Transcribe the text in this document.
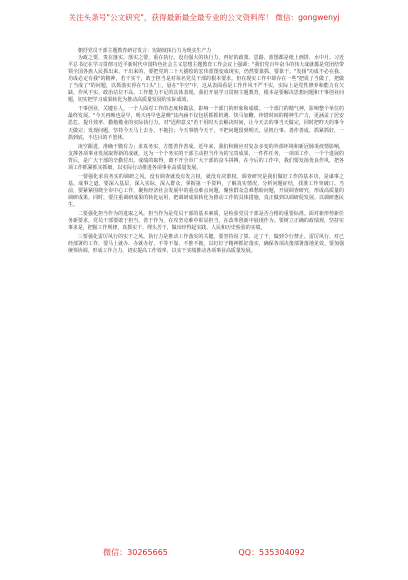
关注头条号"公文研究"，获得最新最全最专业的公文资料库！ 微信：gongwenyj

朝抒党员干部主题教育研讨发言：宪制度执行力为现实生产力

为政之要，贵在落实。落实之要，重在执行。没有强大的执行力，再好的政策、思路、蓝图都是纸上画饼、水中月。习近平总书记在学习贯彻习近平新时代中国特色社会主义思想主题教育工作会议上强调："我们党百年奋斗的伟大成就都是党团结带领全国各族人民抓出来、干出来的，要把党的二十大描绘的宏伟蓝图变成现实，仍然要靠抓、要靠干。"发扬"功成不必在我、功成必定有我"的精神，若干实干，敢于担当是对每名党员干部的根本要求。但在现实工作中却存在一些"把说了当做了，把做了当成了"的问题，以抓落实停在"口头"上，悬在"半空"中，这从表面看是工作作风不严不实，实际上是党性修养和能力有欠缺、作风不实、政治站位不高、工作能力不足的具体表现。我们开展学习贯彻主题教育，根本是要解决思想问题和干事创业问题，切实把学习成果转化为推动高质量发展的实际成效。

干事创业，关键在人，一个人面对工作的态度和做法，影响一个部门的形象和成绩。一个部门的精气神，影响整个单位的最终发展。"今天再晚也是早，明天再早也是晚"其内涵不仅包括抓抓机遇、快马加鞭，珍惜时间的精神生产力，更涵盖了居安思危、提升效率，勤勉敬业的实际执行力。对"迟伸意义"若干用时天去解决时间，让今天去的事当天做完，同时把昨天的事今天做完；发现问题，坚持今天马上去办，不拖拉；今天事情今天干，不把问题留到明天，见机行事、善作善成，抓紧抓好，一抓到底，不达目的不罢休。

凌空跟进，准确干脆有力；求真务实，方能善作善成。近年来，我们积极应对复杂多变的外部环境和新冠肺炎疫情影响，支撑各项事业发展取得新的成就，这为一个个务实的干部主动担当作为的宝贵成果，一件件任务，一项项工作，一个个进展的背后，是广大干部的辛勤付出。成绩的取得，离不开全市广大干部的奋斗拼搏，在今后的工作中，我们要发扬优良作风，把各项工作抓紧抓实抓细，以实际行动推进各项事业高质量发展。

一要强化求真务实的调研之风。没有调查就没有发言权，就没有决策权。调查研究是我们做好工作的基本功，是谋事之基、成事之道。要深入基层，深入实际，深入群众，掌握第一手资料，了解真实情况，分析问题症结，找准工作突破口。当前，要紧紧围绕全市中心工作，聚焦经济社会发展中的重点难点问题，聚焦群众急难愁盼问题，开展调查研究，形成高质量的调研成果。同时，要注重调研成果的转化运用，把调研成果转化为推动工作的具体措施，真正做到以调研促发展、以调研惠民生。

二要强化担当作为的进取之风。担当作为是党员干部的基本素质，是检验党员干部是否合格的重要标准。面对新形势新任务新要求，党员干部要敢于担当、善于作为，在攻坚克难中彰显担当，在改革创新中展现作为。要树立正确的政绩观，坚持实事求是，把握工作规律，真抓实干、埋头苦干，做出经得起实践、人民和历史检验的实绩。

三要强化雷厉风行的实干之风。执行力是推动工作落实的关键。要坚持说了算、定了干，做到令行禁止、雷厉风行，对已经部署的工作，要马上就办、办就办好，不等不靠、不推不拖，以钉钉子精神抓好落实，确保各项决策部署落地见效。要加强统筹协调，形成工作合力，切实提高工作效率，以实干实绩推动各项事业高质量发展。

微信：30265665	QQ：535304092
